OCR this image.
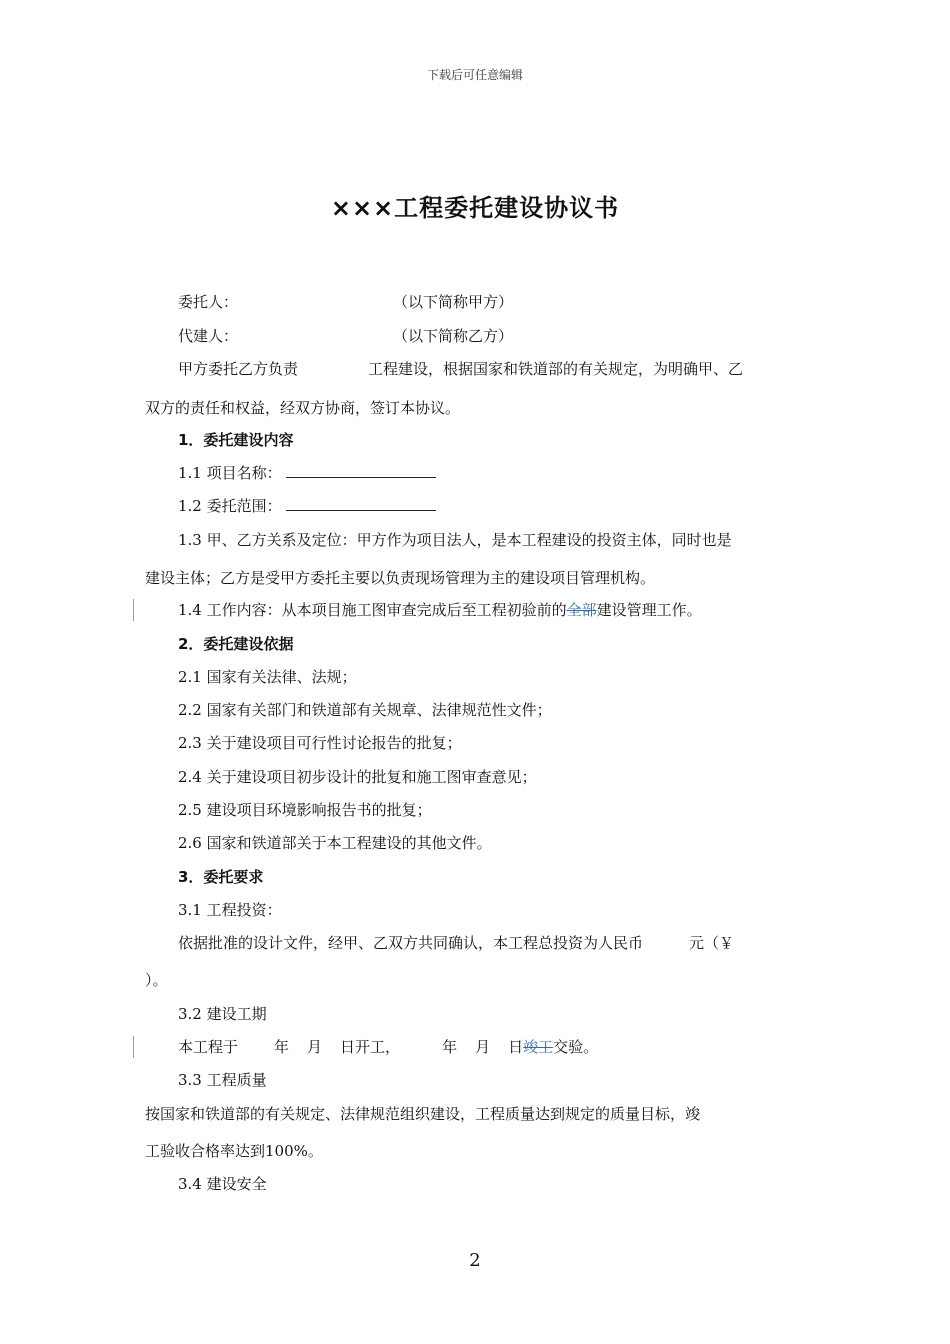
下载后可任意编辑
×××工程委托建设协议书
委托人：	（以下简称甲方）
代建人：	（以下简称乙方）
甲方委托乙方负责	工程建设，根据国家和铁道部的有关规定，为明确甲、乙
双方的责任和权益，经双方协商，签订本协议。
1．委托建设内容
1.1 项目名称：
1.2 委托范围：
1.3 甲、乙方关系及定位：甲方作为项目法人，是本工程建设的投资主体，同时也是
建设主体；乙方是受甲方委托主要以负责现场管理为主的建设项目管理机构。
1.4 工作内容：从本项目施工图审查完成后至工程初验前的全部建设管理工作。
2．委托建设依据
2.1 国家有关法律、法规；
2.2 国家有关部门和铁道部有关规章、法律规范性文件；
2.3 关于建设项目可行性讨论报告的批复；
2.4 关于建设项目初步设计的批复和施工图审查意见；
2.5 建设项目环境影响报告书的批复；
2.6 国家和铁道部关于本工程建设的其他文件。
3．委托要求
3.1 工程投资：
依据批准的设计文件，经甲、乙双方共同确认，本工程总投资为人民币	元（￥
）。
3.2 建设工期
本工程于 年 月 日开工，	年 月 日竣工交验。
3.3 工程质量
按国家和铁道部的有关规定、法律规范组织建设，工程质量达到规定的质量目标，竣
工验收合格率达到100%。
3.4 建设安全
2
